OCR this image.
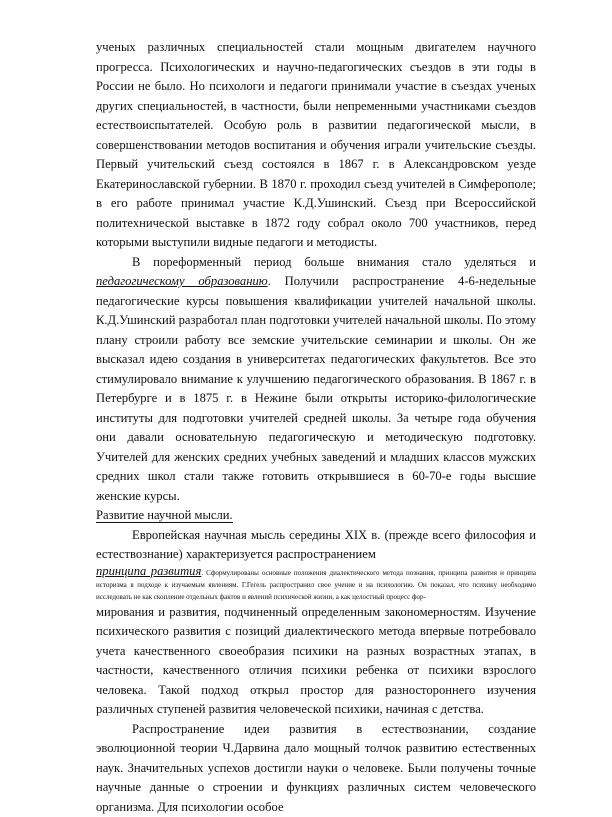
ученых различных специальностей стали мощным двигателем научного прогресса. Психологических и научно-педагогических съездов в эти годы в России не было. Но психологи и педагоги принимали участие в съездах ученых других специальностей, в частности, были непременными участниками съездов естествоиспытателей. Особую роль в развитии педагогической мысли, в совершенствовании методов воспитания и обучения играли учительские съезды. Первый учительский съезд состоялся в 1867 г. в Александровском уезде Екатеринославской губернии. В 1870 г. проходил съезд учителей в Симферополе; в его работе принимал участие К.Д.Ушинский. Съезд при Всероссийской политехнической выставке в 1872 году собрал около 700 участников, перед которыми выступили видные педагоги и методисты.

В пореформенный период больше внимания стало уделяться и педагогическому образованию. Получили распространение 4-6-недельные педагогические курсы повышения квалификации учителей начальной школы. К.Д.Ушинский разработал план подготовки учителей начальной школы. По этому плану строили работу все земские учительские семинарии и школы. Он же высказал идею создания в университетах педагогических факультетов. Все это стимулировало внимание к улучшению педагогического образования. В 1867 г. в Петербурге и в 1875 г. в Нежине были открыты историко-филологические институты для подготовки учителей средней школы. За четыре года обучения они давали основательную педагогическую и методическую подготовку. Учителей для женских средних учебных заведений и младших классов мужских средних школ стали также готовить открывшиеся в 60-70-е годы высшие женские курсы.

Развитие научной мысли.

Европейская научная мысль середины XIX в. (прежде всего философия и естествознание) характеризуется распространением

принципа развития. Сформулированы основные положения диалектического метода познания, принципа развития и принципа историзма в подходе к изучаемым явлениям. Г.Гегель распространил свое учение и на психологию. Он показал, что психику необходимо исследовать не как скопление отдельных фактов и явлений психической жизни, а как целостный процесс фор-

мирования и развития, подчиненный определенным закономерностям. Изучение психического развития с позиций диалектического метода впервые потребовало учета качественного своеобразия психики на разных возрастных этапах, в частности, качественного отличия психики ребенка от психики взрослого человека. Такой подход открыл простор для разностороннего изучения различных ступеней развития человеческой психики, начиная с детства.

Распространение идеи развития в естествознании, создание эволюционной теории Ч.Дарвина дало мощный толчок развитию естественных наук. Значительных успехов достигли науки о человеке. Были получены точные научные данные о строении и функциях различных систем человеческого организма. Для психологии особое
